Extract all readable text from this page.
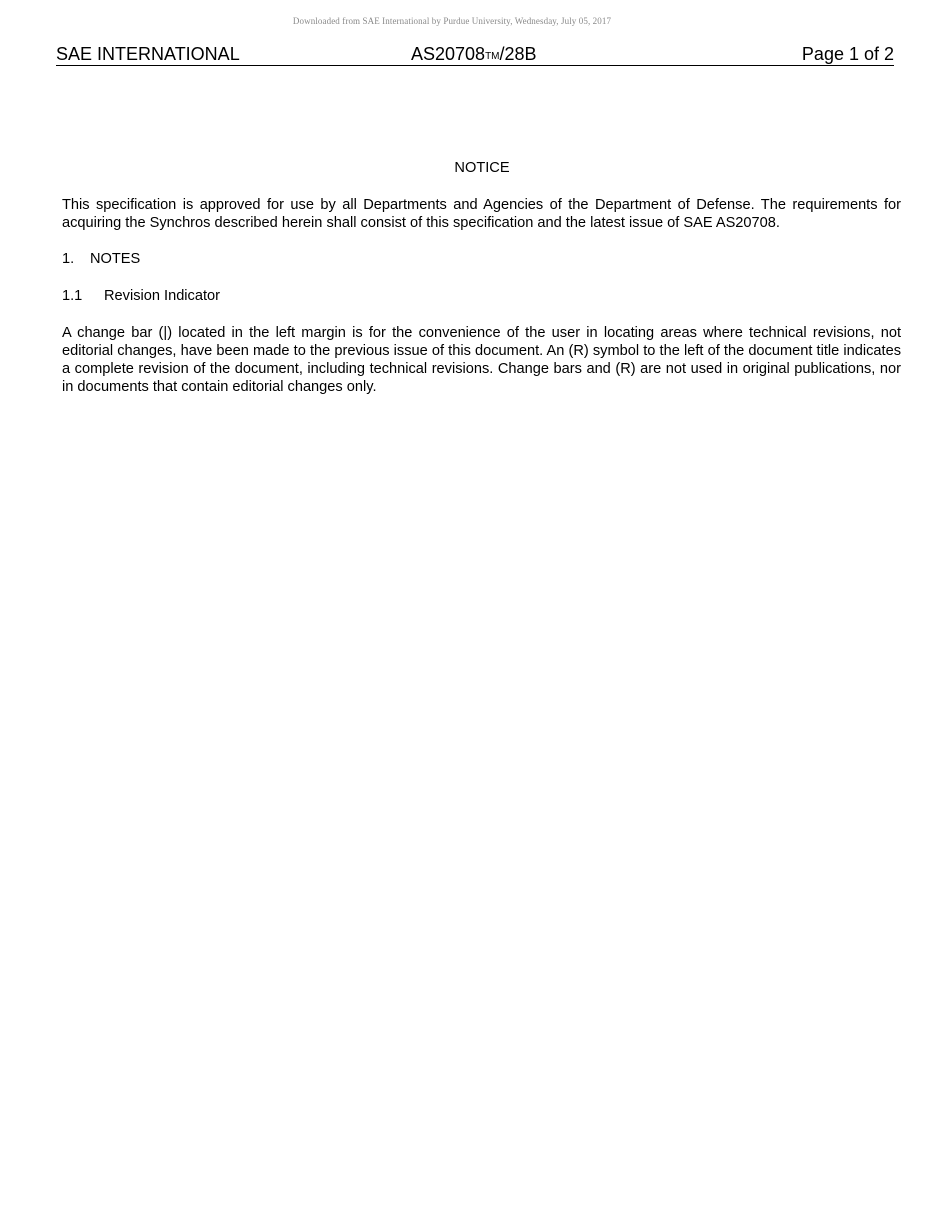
Downloaded from SAE International by Purdue University, Wednesday, July 05, 2017
SAE INTERNATIONAL	AS20708TM/28B	Page 1 of 2

NOTICE

This specification is approved for use by all Departments and Agencies of the Department of Defense. The requirements for acquiring the Synchros described herein shall consist of this specification and the latest issue of SAE AS20708.

1. NOTES

1.1 Revision Indicator

A change bar (|) located in the left margin is for the convenience of the user in locating areas where technical revisions, not editorial changes, have been made to the previous issue of this document. An (R) symbol to the left of the document title indicates a complete revision of the document, including technical revisions. Change bars and (R) are not used in original publications, nor in documents that contain editorial changes only.
